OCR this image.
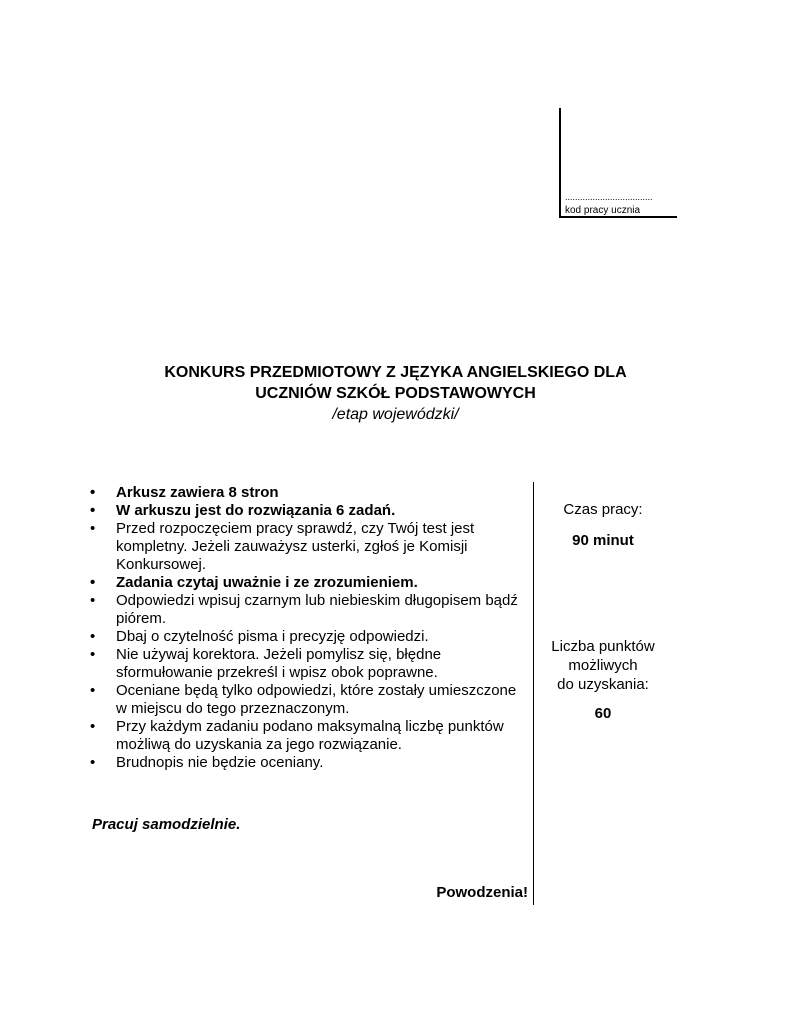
...................................
kod pracy ucznia
KONKURS PRZEDMIOTOWY Z JĘZYKA ANGIELSKIEGO DLA
UCZNIÓW SZKÓŁ PODSTAWOWYCH
/etap wojewódzki/
• Arkusz zawiera 8 stron
• W arkuszu jest do rozwiązania 6 zadań.
• Przed rozpoczęciem pracy sprawdź, czy Twój test jest kompletny. Jeżeli zauważysz usterki, zgłoś je Komisji Konkursowej.
• Zadania czytaj uważnie i ze zrozumieniem.
• Odpowiedzi wpisuj czarnym lub niebieskim długopisem bądź piórem.
• Dbaj o czytelność pisma i precyzję odpowiedzi.
• Nie używaj korektora. Jeżeli pomylisz się, błędne sformułowanie przekreśl i wpisz obok poprawne.
• Oceniane będą tylko odpowiedzi, które zostały umieszczone w miejscu do tego przeznaczonym.
• Przy każdym zadaniu podano maksymalną liczbę punktów możliwą do uzyskania za jego rozwiązanie.
• Brudnopis nie będzie oceniany.
Czas pracy:
90 minut
Liczba punktów
możliwych
do uzyskania:
60
Pracuj samodzielnie.
Powodzenia!
